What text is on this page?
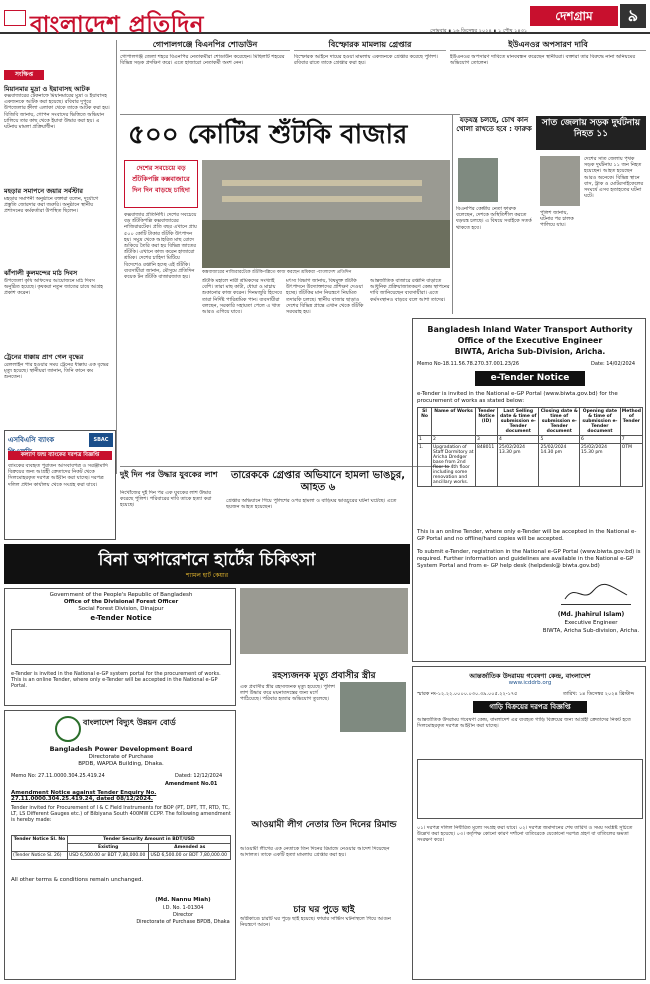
বাংলাদেশ প্রতিদিন	দেশগ্রাম	৯
সোমবার ∎ ১৬ ডিসেম্বর ২০২৪ ∎ ১ পৌষ ১৪৩১
সংক্ষিপ্ত
মিয়ানমার মুদ্রা ও ইয়াবাসহ আটক
কক্সবাজারের টেকনাফে মিয়ানমারের মুদ্রা ও ইয়াবাসহ একজনকে আটক করা হয়েছে। রবিবার দুপুরে উপজেলার হ্নীলা এলাকা থেকে তাকে আটক করা হয়। বিজিবি জানায়, গোপন সংবাদের ভিত্তিতে অভিযান চালিয়ে তার কাছ থেকে ইয়াবা উদ্ধার করা হয়। এ ঘটনায় মামলা প্রক্রিয়াধীন।
মহড়ার সমাপনে জয়ার সর্বস্টার
মহড়ার সমাপনী অনুষ্ঠানে বক্তারা বলেন, দুর্যোগে প্রস্তুতি জোরদার করা জরুরি। অনুষ্ঠানে স্থানীয় প্রশাসনের কর্মকর্তারা উপস্থিত ছিলেন।
ঝাঁপালী কুলমন্দের মাঠ দিবস
উপজেলা কৃষি অফিসের আয়োজনে মাঠ দিবস অনুষ্ঠিত হয়েছে। কৃষকরা নতুন জাতের চাষে আগ্রহ প্রকাশ করেন।
ট্রেনের ধাক্কায় প্রাণ গেল বৃদ্ধের
রেললাইন পার হওয়ার সময় ট্রেনের ধাক্কায় এক বৃদ্ধের মৃত্যু হয়েছে। স্থানীয়রা জানান, তিনি কানে কম শুনতেন।
এসবিএসি ব্যাংক	SBAC
কল্যাণ জন্ম ব্যাংকের দরপত্র বিজ্ঞপ্তি
ব্যাংকের ব্যবহৃত পুরাতন আসবাবপত্র ও সরঞ্জামাদি বিক্রয়ের জন্য আগ্রহী ক্রেতাদের নিকট থেকে সিলমোহরকৃত দরপত্র আহ্বান করা যাচ্ছে। দরপত্র দলিল প্রধান কার্যালয় থেকে সংগ্রহ করা যাবে।
বিনা অপারেশনে হার্টের চিকিৎসা
শ্যামল হার্ট কেয়ার
Government of the People's Republic of Bangladesh
Office of the Divisional Forest Officer
Social Forest Division, Dinajpur
e-Tender Notice
e-Tender is invited in the National e-GP system portal for the procurement of works. This is an online Tender, where only e-Tender will be accepted in the National e-GP Portal.
বাংলাদেশ বিদ্যুৎ উন্নয়ন বোর্ড
Bangladesh Power Development Board
Directorate of Purchase
BPDB, WAPDA Building, Dhaka.
Memo No: 27.11.0000.304.25.419.24	Dated: 12/12/2024
Amendment No.01
Amendment Notice against Tender Enquiry No. 27.11.0000.304.25.419.24, dated 08/12/2024.
Tender invited for Procurement of I & C Field Instruments for BOP (PT, DPT, TT, RTD, TC, LT, LS Different Gauges etc.) of Bibiyana South 400MW CCPP. The following amendment is hereby made:
Tender Notice Sl. No	Tender Security Amount in BDT/USD	
	Existing	Amended as
(Tender Notice Sl. 26)	USD 6,500.00 or BDT 7,80,000.00	USD 6,500.00 or BDT 7,80,000.00
All other terms & conditions remain unchanged.
(Md. Nannu Miah)
I.D. No. 1-01304
Director
Directorate of Purchase BPDB, Dhaka
গোপালগঞ্জে বিএনপির শোডাউন
গোপালগঞ্জ জেলা শহরে বিএনপির নেতাকর্মীরা শোডাউন করেছেন। মিছিলটি শহরের বিভিন্ন সড়ক প্রদক্ষিণ করে। এতে হাজারো নেতাকর্মী অংশ নেন।
বিস্ফোরক মামলায় গ্রেপ্তার
বিস্ফোরক আইনে দায়ের হওয়া মামলায় একজনকে গ্রেপ্তার করেছে পুলিশ। রবিবার রাতে তাকে গ্রেপ্তার করা হয়।
ইউএনওর অপসারণ দাবি
ইউএনওর অপসারণ দাবিতে মানববন্ধন করেছেন স্থানীয়রা। বক্তারা তার বিরুদ্ধে নানা অনিয়মের অভিযোগ তোলেন।
৫০০ কোটির শুঁটকি বাজার
দেশের সবচেয়ে বড় শুঁটকিপল্লি কক্সবাজারে দিন দিন বাড়ছে চাহিদা
কক্সবাজার প্রতিনিধি। দেশের সবচেয়ে বড় শুঁটকিপল্লি কক্সবাজারের নাজিরারটেক। প্রতি বছর এখানে প্রায় ৫০০ কোটি টাকার শুঁটকি উৎপাদন হয়। সমুদ্র থেকে আহরিত মাছ রোদে শুকিয়ে তৈরি করা হয় বিভিন্ন জাতের শুঁটকি। এখানে কাজ করেন হাজারো শ্রমিক। দেশের চাহিদা মিটিয়ে বিদেশেও রপ্তানি হচ্ছে এই শুঁটকি। ব্যবসায়ীরা জানান, মৌসুমে প্রতিদিন কয়েক টন শুঁটকি বাজারজাত হয়।
কক্সবাজারের নাজিরারটেকে শুঁটকিপল্লিতে কাজ করছেন শ্রমিকরা -বাংলাদেশ প্রতিদিন
শুঁটকি মহালে নারী শ্রমিকদের সংখ্যাই বেশি। তারা মাছ কাটা, ধোয়া ও মাচায় শুকানোর কাজ করেন। দিনমজুরি হিসেবে তারা নির্দিষ্ট পারিশ্রমিক পান। ব্যবসায়ীরা বলছেন, সরকারি সহায়তা পেলে এ খাত আরও এগিয়ে যাবে।
মৎস্য বিভাগ জানায়, বিষমুক্ত শুঁটকি উৎপাদনে উদ্যোক্তাদের প্রশিক্ষণ দেওয়া হচ্ছে। শুঁটকির মান নিয়ন্ত্রণে নিয়মিত তদারকি চলছে। স্থানীয় বাজার ছাড়াও দেশের বিভিন্ন প্রান্তে এখান থেকে শুঁটকি সরবরাহ হয়।
আন্তর্জাতিক বাজারে রপ্তানি বাড়াতে আধুনিক প্রক্রিয়াজাতকরণ কেন্দ্র স্থাপনের দাবি জানিয়েছেন ব্যবসায়ীরা। এতে কর্মসংস্থানও বাড়বে বলে আশা তাদের।
দুই দিন পর উদ্ধার যুবকের লাশ
নিখোঁজের দুই দিন পর এক যুবকের লাশ উদ্ধার করেছে পুলিশ। পরিবারের দাবি তাকে হত্যা করা হয়েছে।
তারেককে গ্রেপ্তার অভিযানে হামলা ভাঙচুর, আহত ৬
গ্রেপ্তার অভিযানে গিয়ে পুলিশের ওপর হামলা ও বাড়িঘর ভাঙচুরের ঘটনা ঘটেছে। এতে ছয়জন আহত হয়েছেন।
যড়যন্ত্র চলছে, চোখ কান খোলা রাখতে হবে : ফারুক
বিএনপির কেন্দ্রীয় নেতা ফারুক বলেছেন, দেশকে অস্থিতিশীল করতে ষড়যন্ত্র চলছে। এ বিষয়ে সবাইকে সতর্ক থাকতে হবে।
সাত জেলায় সড়ক দুর্ঘটনায় নিহত ১১
দেশের সাত জেলায় পৃথক সড়ক দুর্ঘটনায় ১১ জন নিহত হয়েছেন। আহত হয়েছেন আরও অনেকে। বিভিন্ন স্থানে বাস, ট্রাক ও মোটরসাইকেলের সংঘর্ষে এসব হতাহতের ঘটনা ঘটে।
পুলিশ জানায়, ঘটনার পর চালক পালিয়ে যায়।
Bangladesh Inland Water Transport Authority
Office of the Executive Engineer
BIWTA, Aricha Sub-Division, Aricha.
Memo No-18.11.56.78.270.37.001.23/26	Date: 14/02/2024
e-Tender Notice
e-Tender is invited in the National e-GP Portal (www.biwta.gov.bd) for the procurement of works as stated below:
Sl No	Name of Works	Tender Notice (ID)	Last Selling date & time of submission e-Tender document	Closing date & time of submission e-Tender document	Opening date & time of submission e-Tender document	Method of Tender
1	2	3	4	5	6	7
1.	Upgradation of Staff Dormitory at Aricha Dredger base from 2nd floor to 4th floor including some renovation and ancillary works.	848011	25/02/2024 13.30 pm	25/02/2024 14.30 pm	25/02/2024 15.30 pm	OTM
This is an online Tender, where only e-Tender will be accepted in the National e-GP Portal and no offline/hard copies will be accepted.
To submit e-Tender, registration in the National e-GP Portal (www.biwta.gov.bd) is required. Further information and guidelines are available in the National e-GP System Portal and from e- GP help desk (helpdesk@ biwta.gov.bd)
(Md. Jhahirul Islam)
Executive Engineer
BIWTA, Aricha Sub-division, Aricha.
রহস্যজনক মৃত্যু প্রবাসীর স্ত্রীর
এক প্রবাসীর স্ত্রীর রহস্যজনক মৃত্যু হয়েছে। পুলিশ লাশ উদ্ধার করে ময়নাতদন্তের জন্য মর্গে পাঠিয়েছে। পরিবার হত্যার অভিযোগ তুলেছে।
আওয়ামী লীগ নেতার তিন দিনের রিমান্ড
আওয়ামী লীগের এক নেতাকে তিন দিনের রিমান্ডে নেওয়ার আদেশ দিয়েছেন আদালত। তাকে একটি হত্যা মামলায় গ্রেপ্তার করা হয়।
চার ঘর পুড়ে ছাই
অগ্নিকাণ্ডে চারটি ঘর পুড়ে ছাই হয়েছে। ফায়ার সার্ভিস ঘটনাস্থলে গিয়ে আগুন নিয়ন্ত্রণে আনে।
আন্তর্জাতিক উদরাময় গবেষণা কেন্দ্র, বাংলাদেশ
www.icddrb.org
স্মারক নং-১২.২২.০০০০.০৩০.৩৯.০০৫.২২-১৭৫	তারিখ: ১৪ ডিসেম্বর ২০২৪ খ্রিস্টাব্দ
গাড়ি বিক্রয়ের দরপত্র বিজ্ঞপ্তি
আন্তর্জাতিক উদরাময় গবেষণা কেন্দ্র, বাংলাদেশ এর ব্যবহৃত গাড়ি বিক্রয়ের জন্য আগ্রহী ক্রেতাদের নিকট হতে সিলমোহরকৃত দরপত্র আহ্বান করা যাচ্ছে।
০১। দরপত্র দলিল নির্ধারিত মূল্যে সংগ্রহ করা যাবে। ০২। দরপত্র জমাদানের শেষ তারিখ ও সময় সংশ্লিষ্ট সূচিতে উল্লেখ করা হয়েছে। ০৩। কর্তৃপক্ষ কোনো কারণ দর্শানো ব্যতিরেকে যেকোনো দরপত্র গ্রহণ বা বাতিলের ক্ষমতা সংরক্ষণ করে।
